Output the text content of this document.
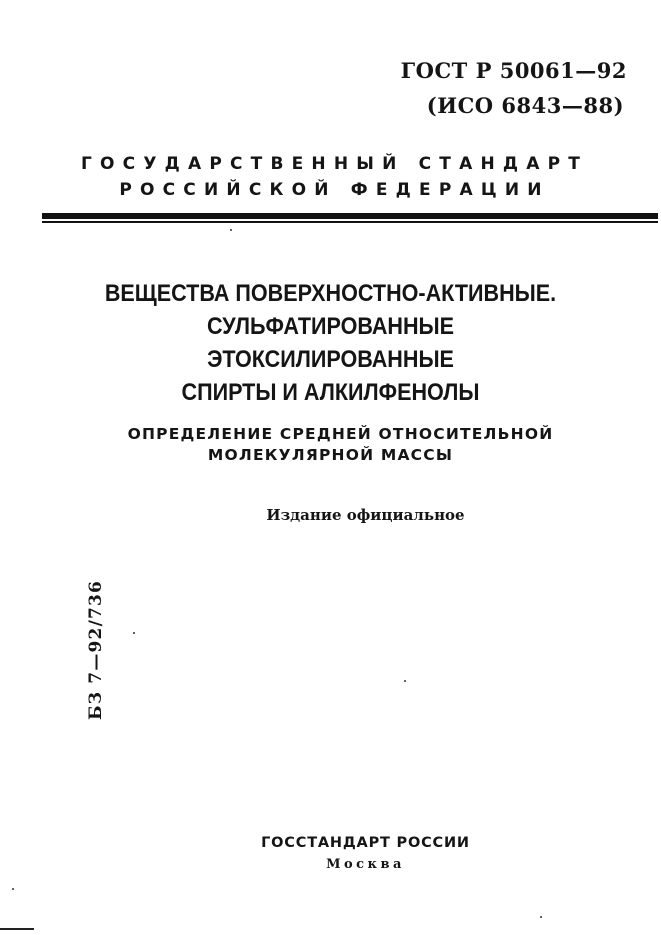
ГОСТ Р 50061—92
(ИСО 6843—88)
ГОСУДАРСТВЕННЫЙ СТАНДАРТ
РОССИЙСКОЙ ФЕДЕРАЦИИ
ВЕЩЕСТВА ПОВЕРХНОСТНО-АКТИВНЫЕ.
СУЛЬФАТИРОВАННЫЕ
ЭТОКСИЛИРОВАННЫЕ
СПИРТЫ И АЛКИЛФЕНОЛЫ
ОПРЕДЕЛЕНИЕ СРЕДНЕЙ ОТНОСИТЕЛЬНОЙ
МОЛЕКУЛЯРНОЙ МАССЫ
Издание официальное
БЗ 7—92/736
ГОССТАНДАРТ РОССИИ
Москва
